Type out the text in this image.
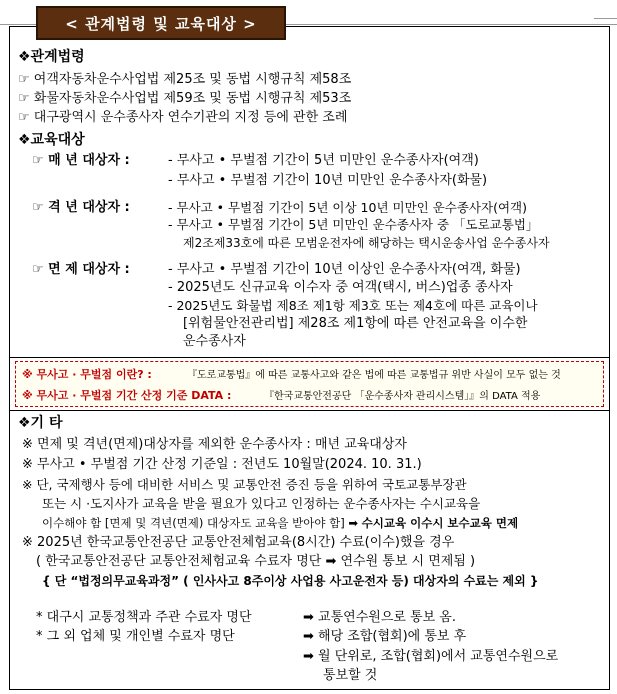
< 관계법령 및 교육대상 >
❖관계법령
☞ 여객자동차운수사업법 제25조 및 동법 시행규칙 제58조
☞ 화물자동차운수사업법 제59조 및 동법 시행규칙 제53조
☞ 대구광역시 운수종사자 연수기관의 지정 등에 관한 조례
❖교육대상
☞ 매 년 대상자 :	- 무사고 • 무벌점 기간이 5년 미만인 운수종사자(여객)
- 무사고 • 무벌점 기간이 10년 미만인 운수종사자(화물)
☞ 격 년 대상자 :	- 무사고 • 무벌점 기간이 5년 이상 10년 미만인 운수종사자(여객)
- 무사고 • 무벌점 기간이 5년 미만인 운수종사자 중 「도로교통법」
제2조제33호에 따른 모범운전자에 해당하는 택시운송사업 운수종사자
☞ 면 제 대상자 :	- 무사고 • 무벌점 기간이 10년 이상인 운수종사자(여객, 화물)
- 2025년도 신규교육 이수자 중 여객(택시, 버스)업종 종사자
- 2025년도 화물법 제8조 제1항 제3호 또는 제4호에 따른 교육이나
[위험물안전관리법] 제28조 제1항에 따른 안전교육을 이수한
운수종사자
※ 무사고 · 무벌점 이란? :	『도로교통법』에 따른 교통사고와 같은 법에 따른 교통법규 위반 사실이 모두 없는 것
※ 무사고 · 무벌점 기간 산정 기준 DATA :	『한국교통안전공단 「운수종사자 관리시스템」』의 DATA 적용
❖기 타
※ 면제 및 격년(면제)대상자를 제외한 운수종사자 : 매년 교육대상자
※ 무사고 • 무벌점 기간 산정 기준일 : 전년도 10월말(2024. 10. 31.)
※ 단, 국제행사 등에 대비한 서비스 및 교통안전 증진 등을 위하여 국토교통부장관
또는 시 ·도지사가 교육을 받을 필요가 있다고 인정하는 운수종사자는 수시교육을
이수해야 함 [면제 및 격년(면제) 대상자도 교육을 받아야 함] ➡ 수시교육 이수시 보수교육 면제
※ 2025년 한국교통안전공단 교통안전체험교육(8시간) 수료(이수)했을 경우
( 한국교통안전공단 교통안전체험교육 수료자 명단 ➡ 연수원 통보 시 면제됨 )
{ 단 “법정의무교육과정” ( 인사사고 8주이상 사업용 사고운전자 등) 대상자의 수료는 제외 }
* 대구시 교통정책과 주관 수료자 명단	➡ 교통연수원으로 통보 옴.
* 그 외 업체 및 개인별 수료자 명단	➡ 해당 조합(협회)에 통보 후
➡ 월 단위로, 조합(협회)에서 교통연수원으로
통보할 것
